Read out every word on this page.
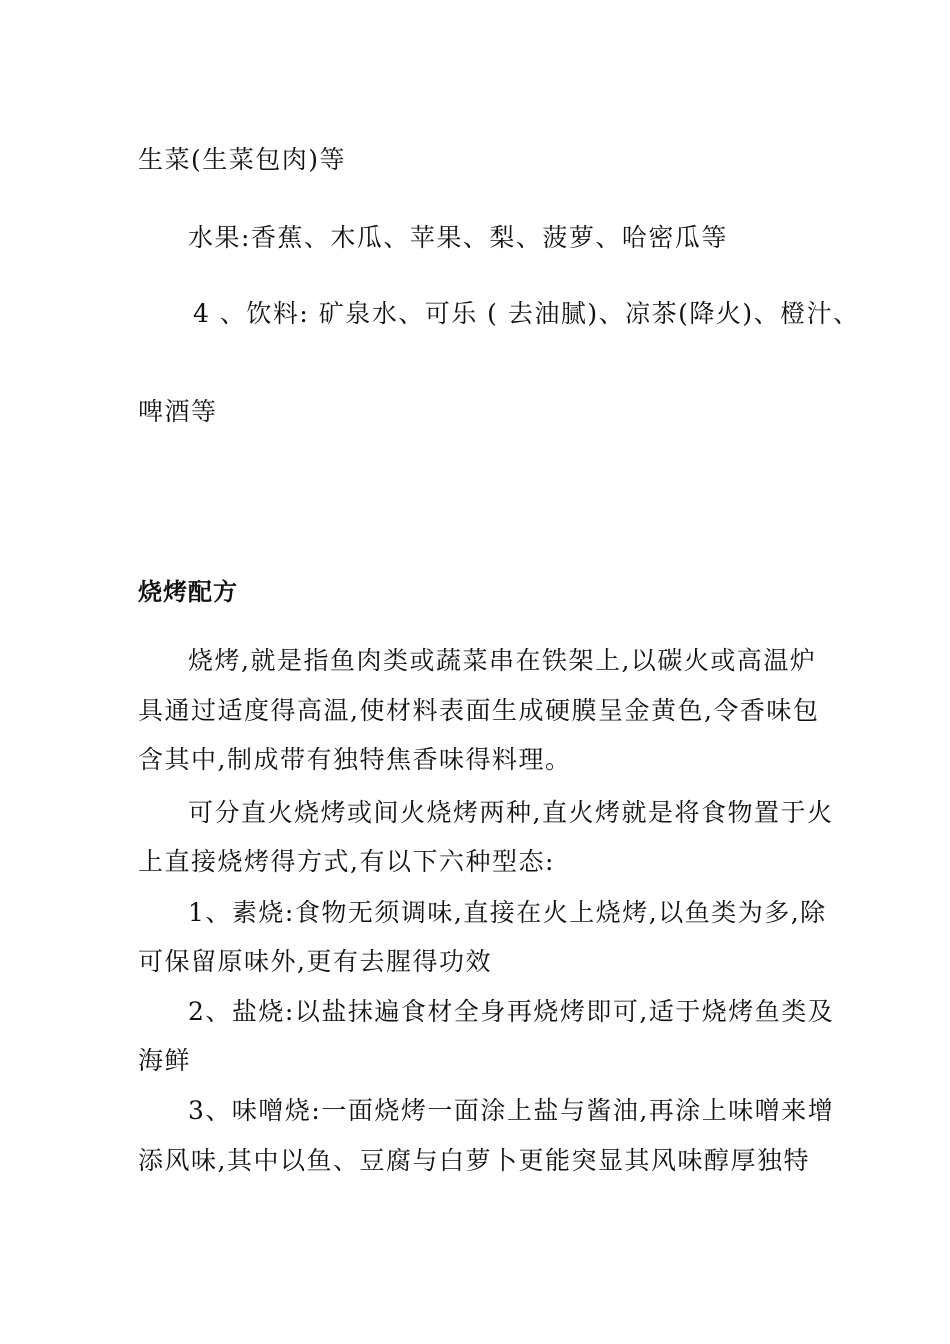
生菜(生菜包肉)等
水果:香蕉、木瓜、苹果、梨、菠萝、哈密瓜等
4 、饮料: 矿泉水、可乐 ( 去油腻)、凉茶(降火)、橙汁、
啤酒等
烧烤配方
烧烤,就是指鱼肉类或蔬菜串在铁架上,以碳火或高温炉
具通过适度得高温,使材料表面生成硬膜呈金黄色,令香味包
含其中,制成带有独特焦香味得料理。
可分直火烧烤或间火烧烤两种,直火烤就是将食物置于火
上直接烧烤得方式,有以下六种型态:
1、素烧:食物无须调味,直接在火上烧烤,以鱼类为多,除
可保留原味外,更有去腥得功效
2、盐烧:以盐抹遍食材全身再烧烤即可,适于烧烤鱼类及
海鲜
3、味噌烧:一面烧烤一面涂上盐与酱油,再涂上味噌来增
添风味,其中以鱼、豆腐与白萝卜更能突显其风味醇厚独特
